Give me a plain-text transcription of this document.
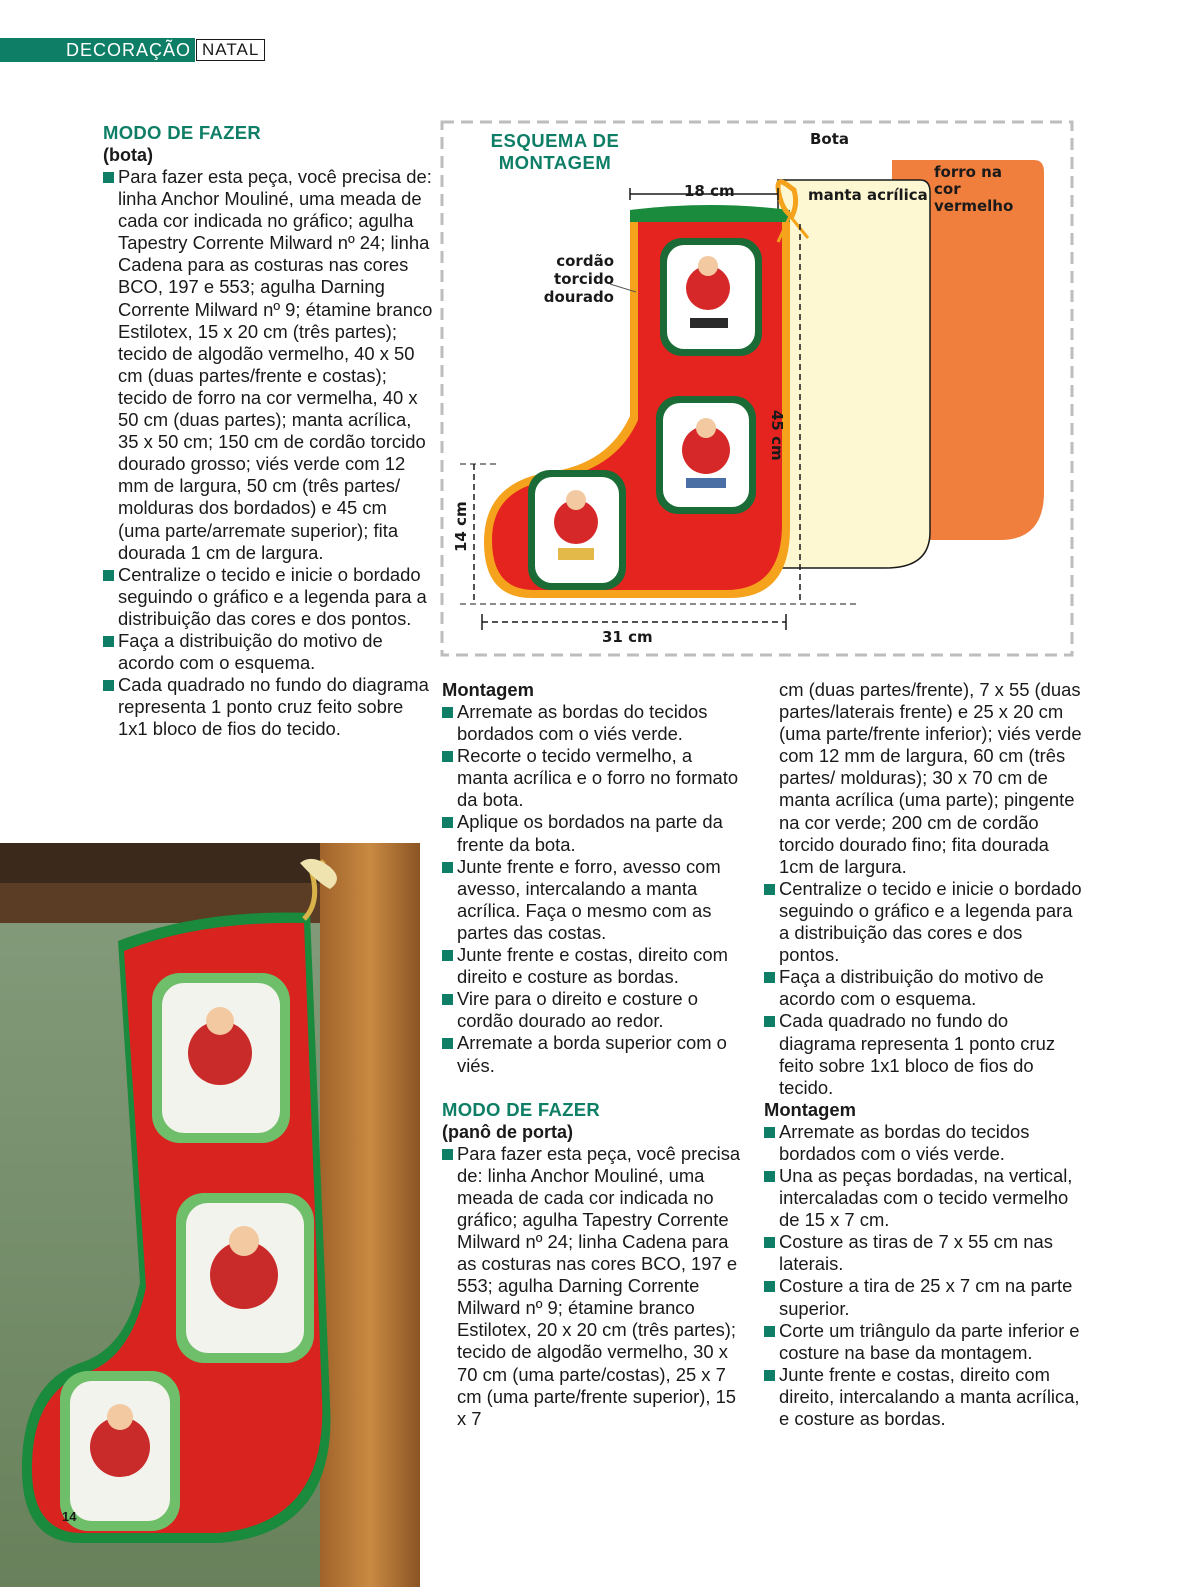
DECORAÇÃO NATAL
MODO DE FAZER
(bota)
Para fazer esta peça, você precisa de: linha Anchor Mouliné, uma meada de cada cor indicada no gráfico; agulha Tapestry Corrente Milward nº 24; linha Cadena para as costuras nas cores BCO, 197 e 553; agulha Darning Corrente Milward nº 9; étamine branco Estilotex, 15 x 20 cm (três partes); tecido de algodão vermelho, 40 x 50 cm (duas partes/frente e costas); tecido de forro na cor vermelha, 40 x 50 cm (duas partes); manta acrílica, 35 x 50 cm; 150 cm de cordão torcido dourado grosso; viés verde com 12 mm de largura, 50 cm (três partes/ molduras dos bordados) e 45 cm (uma parte/arremate superior); fita dourada 1 cm de largura.
Centralize o tecido e inicie o bordado seguindo o gráfico e a legenda para a distribuição das cores e dos pontos.
Faça a distribuição do motivo de acordo com o esquema.
Cada quadrado no fundo do diagrama representa 1 ponto cruz feito sobre 1x1 bloco de fios do tecido.
ESQUEMA DE MONTAGEM
Bota
forro na cor vermelho
manta acrílica
cordão torcido dourado
18 cm
45 cm
14 cm
31 cm
Montagem
Arremate as bordas do tecidos bordados com o viés verde.
Recorte o tecido vermelho, a manta acrílica e o forro no formato da bota.
Aplique os bordados na parte da frente da bota.
Junte frente e forro, avesso com avesso, intercalando a manta acrílica. Faça o mesmo com as partes das costas.
Junte frente e costas, direito com direito e costure as bordas.
Vire para o direito e costure o cordão dourado ao redor.
Arremate a borda superior com o viés.
MODO DE FAZER
(panô de porta)
Para fazer esta peça, você precisa de: linha Anchor Mouliné, uma meada de cada cor indicada no gráfico; agulha Tapestry Corrente Milward nº 24; linha Cadena para as costuras nas cores BCO, 197 e 553; agulha Darning Corrente Milward nº 9; étamine branco Estilotex, 20 x 20 cm (três partes); tecido de algodão vermelho, 30 x 70 cm (uma parte/costas), 25 x 7 cm (uma parte/frente superior), 15 x 7
cm (duas partes/frente), 7 x 55 (duas partes/laterais frente) e 25 x 20 cm (uma parte/frente inferior); viés verde com 12 mm de largura, 60 cm (três partes/ molduras); 30 x 70 cm de manta acrílica (uma parte); pingente na cor verde; 200 cm de cordão torcido dourado fino; fita dourada 1cm de largura.
Centralize o tecido e inicie o bordado seguindo o gráfico e a legenda para a distribuição das cores e dos pontos.
Faça a distribuição do motivo de acordo com o esquema.
Cada quadrado no fundo do diagrama representa 1 ponto cruz feito sobre 1x1 bloco de fios do tecido.
Montagem
Arremate as bordas do tecidos bordados com o viés verde.
Una as peças bordadas, na vertical, intercaladas com o tecido vermelho de 15 x 7 cm.
Costure as tiras de 7 x 55 cm nas laterais.
Costure a tira de 25 x 7 cm na parte superior.
Corte um triângulo da parte inferior e costure na base da montagem.
Junte frente e costas, direito com direito, intercalando a manta acrílica, e costure as bordas.
14
